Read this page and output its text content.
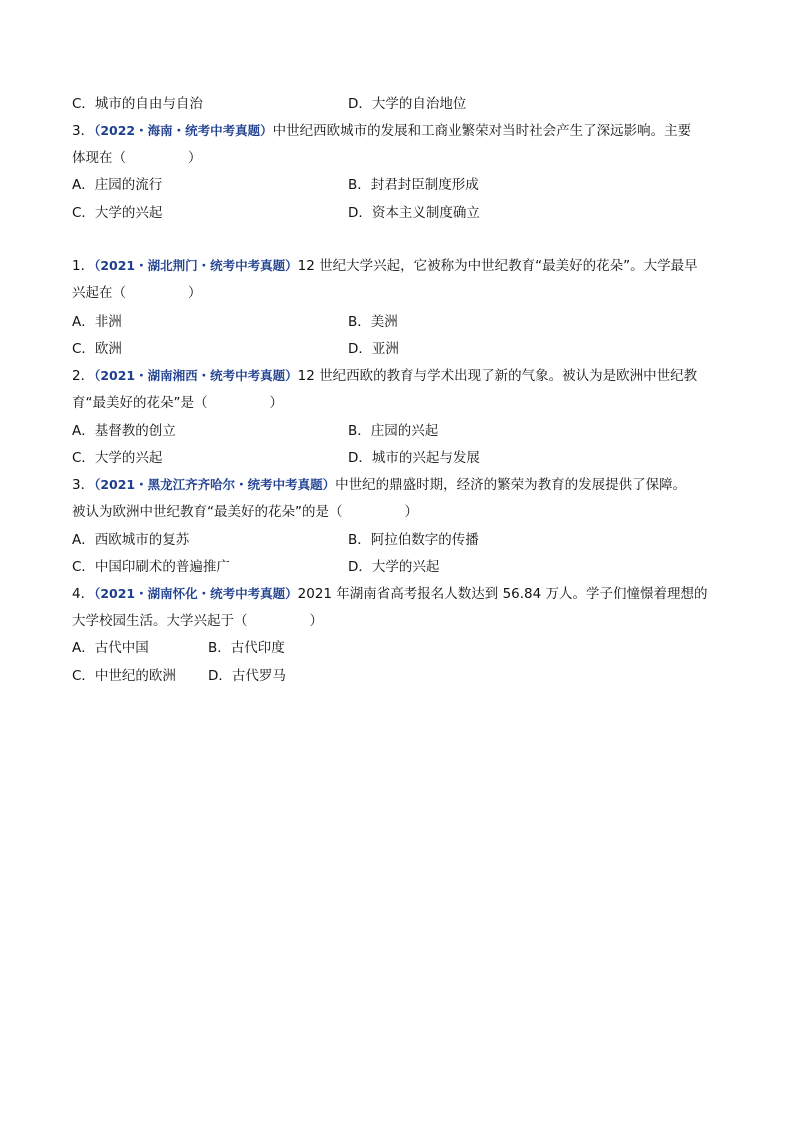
C．城市的自由与自治	D．大学的自治地位
3．（2022・海南・统考中考真题）中世纪西欧城市的发展和工商业繁荣对当时社会产生了深远影响。主要
体现在（	）
A．庄园的流行	B．封君封臣制度形成
C．大学的兴起	D．资本主义制度确立
1．（2021・湖北荆门・统考中考真题）12 世纪大学兴起，它被称为中世纪教育“最美好的花朵”。大学最早
兴起在（	）
A．非洲	B．美洲
C．欧洲	D．亚洲
2．（2021・湖南湘西・统考中考真题）12 世纪西欧的教育与学术出现了新的气象。被认为是欧洲中世纪教
育“最美好的花朵”是（	）
A．基督教的创立	B．庄园的兴起
C．大学的兴起	D．城市的兴起与发展
3．（2021・黑龙江齐齐哈尔・统考中考真题）中世纪的鼎盛时期，经济的繁荣为教育的发展提供了保障。
被认为欧洲中世纪教育“最美好的花朵”的是（	）
A．西欧城市的复苏	B．阿拉伯数字的传播
C．中国印刷术的普遍推广	D．大学的兴起
4．（2021・湖南怀化・统考中考真题）2021 年湖南省高考报名人数达到 56.84 万人。学子们憧憬着理想的
大学校园生活。大学兴起于（	）
A．古代中国	B．古代印度
C．中世纪的欧洲 D．古代罗马
